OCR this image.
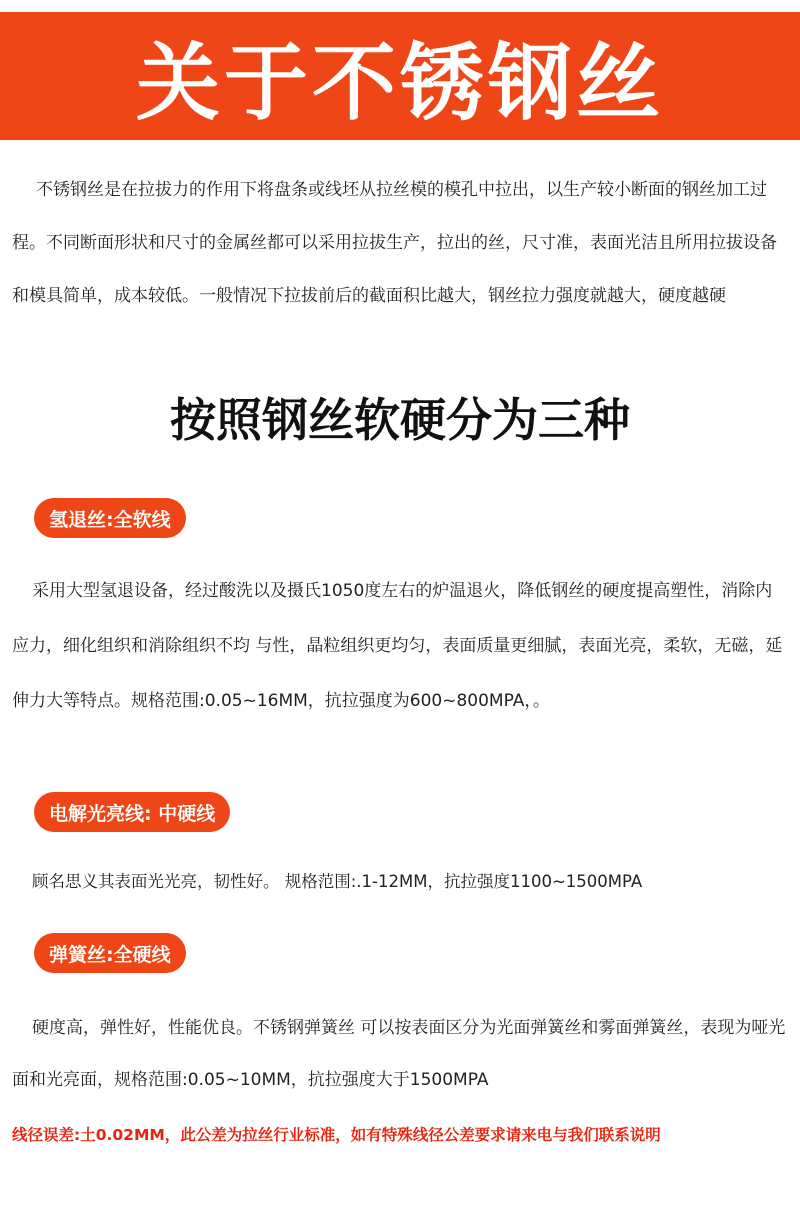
关于不锈钢丝

不锈钢丝是在拉拔力的作用下将盘条或线坯从拉丝模的模孔中拉出，以生产较小断面的钢丝加工过程。不同断面形状和尺寸的金属丝都可以采用拉拔生产，拉出的丝，尺寸准，表面光洁且所用拉拔设备和模具简单，成本较低。一般情况下拉拔前后的截面积比越大，钢丝拉力强度就越大，硬度越硬

按照钢丝软硬分为三种
氢退丝:全软线

采用大型氢退设备，经过酸洗以及摄氏1050度左右的炉温退火，降低钢丝的硬度提高塑性，消除内应力，细化组织和消除组织不均 与性，晶粒组织更均匀，表面质量更细腻，表面光亮，柔软，无磁，延伸力大等特点。规格范围:0.05~16MM，抗拉强度为600~800MPA，。

电解光亮线: 中硬线

顾名思义其表面光光亮，韧性好。 规格范围:.1-12MM，抗拉强度1100~1500MPA

弹簧丝:全硬线

硬度高，弹性好，性能优良。不锈钢弹簧丝 可以按表面区分为光面弹簧丝和雾面弹簧丝，表现为哑光面和光亮面，规格范围:0.05~10MM，抗拉强度大于1500MPA

线径误差:土0.02MM，此公差为拉丝行业标准，如有特殊线径公差要求请来电与我们联系说明
